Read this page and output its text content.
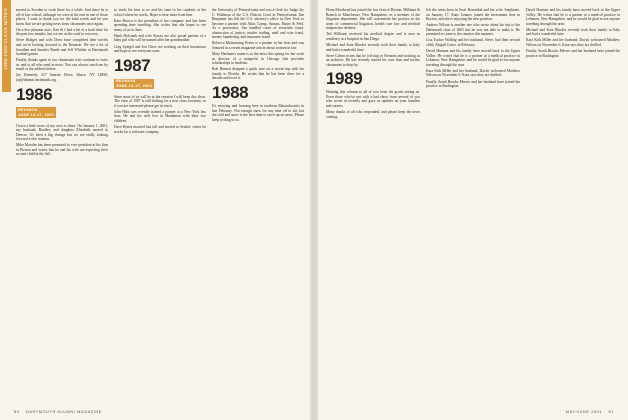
1985-1989 CLASS NOTES	moved to Sweden to work there for a while. And since he is off of law school, although we were at his rent in one of those places. I want to thank you for the kind words and let you know that we are getting news from classmates once again.

On a less pleasant note, Ken & I had a bit of a hard time for the past few months, but we are on the road to recovery.

Steve Hodges and wife Drew have completed their travels and we're looking forward to the Reunion. We see a lot of Jonathan and Jennifer Reade and Jeff Whittier at Dartmouth football games.

Finally, thanks again to our classmates who continue to write in, and to all who send in news. You can always reach me by email or the address below.

Jay Kennedy, 217 Sunrise Drive, Ithaca, NY 14850; jay@alumni.dartmouth.org.

1986
REUNION
JUNE 14-17, 2001

I have a little news of my own to share. On January 1, 2001, my husband, Bradley, and daughter Elizabeth moved to Denver. It's been a big change but we are really looking forward to the reunion.

Mike Morales has been promoted to vice president at his firm in Boston and writes that he and his wife are expecting their second child in the fall.

to teach his best to us and his time to his students at the school where he works. Hope to hear more from him.

Kate Brown is the president of her company and has been spending time traveling. She writes that she hopes to see many of us in June.

Hank Holcomb and wife Stacey are also proud parents of a baby girl who will be named after her grandmother.

Greg Spiegel and Jon Chew are working on their businesses and hope to see everyone soon.

1987
REUNION
JUNE 14-17, 2001

Since most of us will be at the reunion I will keep this short. The class of 1987 is still looking for a new class secretary, so if you are interested please get in touch.

John Hiltz was recently named a partner at a New York law firm. He and his wife live in Manhattan with their two children.

Dave Bynes married last fall and moved to Seattle, where he works for a software company.

the University of Pennsylvania and was a clerk for Judge Jay C. Waldman of the U.S. District Court in Pennsylvania. Jim Benjamin has left the U.S. attorney's office in New York to become a partner with Akin, Gump, Strauss, Hauer & Feld. As a prosecutor, Jim handled cases of securities fraud, obstruction of justice, insider trading, mail and wire fraud, money laundering, and insurance fraud.

Rebecca Mainwaring Peters is a partner in her firm and was featured in a recent magazine article about women in law.

Mary Hartman's name is in the news this spring for her work as director of a nonprofit in Chicago that provides scholarships to students.

Bob Hanson dropped a quick note on a recent trip with his family to Florida. He writes that he has been there for a decade and loves it.

1988

It's snowing and freezing here in northern Massachusetts in late February. Not enough snow for any time off to ski, but the cold and snow is the best time to catch up on news. Please keep writing to us.

80 DARTMOUTH ALUMNI MAGAZINE

Elena Morehead has joined the law firm of Devine, Millimet & Branch in Manchester, New Hampshire, as a member of the litigation department. She will concentrate her practice in the areas of commercial litigation, health care law and medical malpractice defense.

Ted Williams received his medical degree and is now in residency at a hospital in San Diego.

Michael and Kate Rhodes recently took their family to Italy and had a wonderful time.

Steve Cohen writes that he is living in Vermont and working as an architect. He has recently started his own firm and invites classmates to drop by.

1989

Wanting this column to all of you from the grotto seeing us. Even those who've run with a bad show from several of you who wrote in recently and gave us updates on your families and careers.

Many thanks to all who responded, and please keep the news coming.

left the twins born in Scott Rosenthal and her wife, Stephanie, on January 17. Anne Lennox joined the investment firm in Boston, and she is enjoying the new position.

Andrew Wilson is another one who wrote about his trip to the Dartmouth class of 2001 but he was not able to make it. He promised to come to the reunion this summer.

Lisa Tucker Walling and her husband, Steve, had their second child, Abigail Grace, in February.

David Harmon and his family have moved back to the Upper Valley. He writes that he is a partner at a medical practice in Lebanon, New Hampshire, and he would be glad to see anyone traveling through the area.

Kara Kirk Miller and her husband, David, welcomed Matthew Nelson on November 6. Kara says they are thrilled.

Finally, Sarah Brooks Mercer and her husband have joined the practice in Burlington.

David Harmon and his family have moved back to the Upper Valley. He writes that he is a partner at a medical practice in Lebanon, New Hampshire, and he would be glad to see anyone traveling through the area.

Michael and Kate Rhodes recently took their family to Italy and had a wonderful time.

Kara Kirk Miller and her husband, David, welcomed Matthew Nelson on November 6. Kara says they are thrilled.

Finally, Sarah Brooks Mercer and her husband have joined the practice in Burlington.

MAY/JUNE 2001 81
